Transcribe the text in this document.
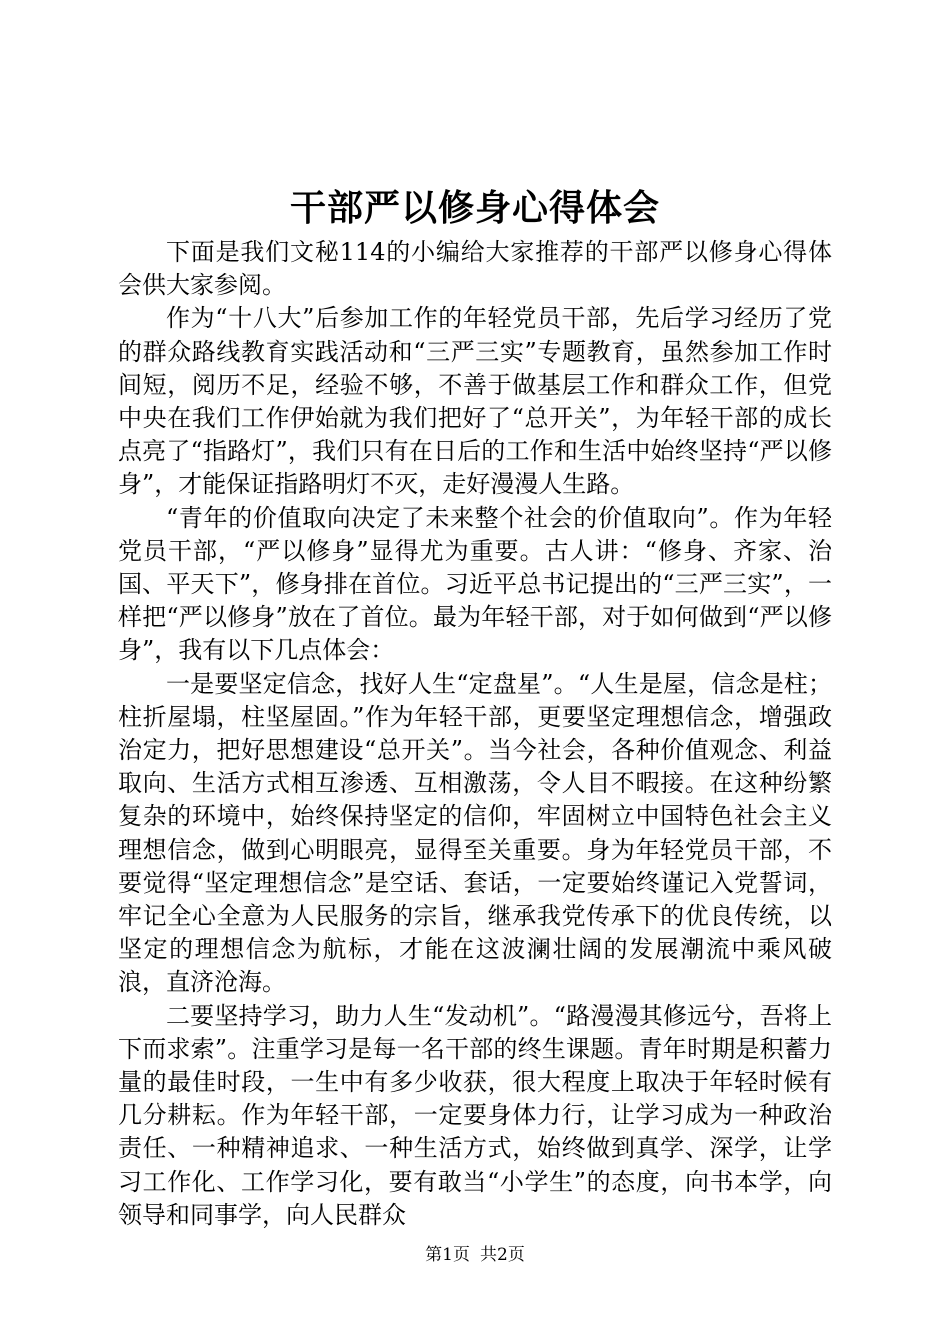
干部严以修身心得体会

下面是我们文秘114的小编给大家推荐的干部严以修身心得体会供大家参阅。

作为“十八大”后参加工作的年轻党员干部，先后学习经历了党的群众路线教育实践活动和“三严三实”专题教育，虽然参加工作时间短，阅历不足，经验不够，不善于做基层工作和群众工作，但党中央在我们工作伊始就为我们把好了“总开关”，为年轻干部的成长点亮了“指路灯”，我们只有在日后的工作和生活中始终坚持“严以修身”，才能保证指路明灯不灭，走好漫漫人生路。

“青年的价值取向决定了未来整个社会的价值取向”。作为年轻党员干部，“严以修身”显得尤为重要。古人讲：“修身、齐家、治国、平天下”，修身排在首位。习近平总书记提出的“三严三实”，一样把“严以修身”放在了首位。最为年轻干部，对于如何做到“严以修身”，我有以下几点体会：

一是要坚定信念，找好人生“定盘星”。“人生是屋，信念是柱；柱折屋塌，柱坚屋固。”作为年轻干部，更要坚定理想信念，增强政治定力，把好思想建设“总开关”。当今社会，各种价值观念、利益取向、生活方式相互渗透、互相激荡，令人目不暇接。在这种纷繁复杂的环境中，始终保持坚定的信仰，牢固树立中国特色社会主义理想信念，做到心明眼亮，显得至关重要。身为年轻党员干部，不要觉得“坚定理想信念”是空话、套话，一定要始终谨记入党誓词，牢记全心全意为人民服务的宗旨，继承我党传承下的优良传统，以坚定的理想信念为航标，才能在这波澜壮阔的发展潮流中乘风破浪，直济沧海。

二要坚持学习，助力人生“发动机”。“路漫漫其修远兮，吾将上下而求索”。注重学习是每一名干部的终生课题。青年时期是积蓄力量的最佳时段，一生中有多少收获，很大程度上取决于年轻时候有几分耕耘。作为年轻干部，一定要身体力行，让学习成为一种政治责任、一种精神追求、一种生活方式，始终做到真学、深学，让学习工作化、工作学习化，要有敢当“小学生”的态度，向书本学，向领导和同事学，向人民群众

第1页 共2页
